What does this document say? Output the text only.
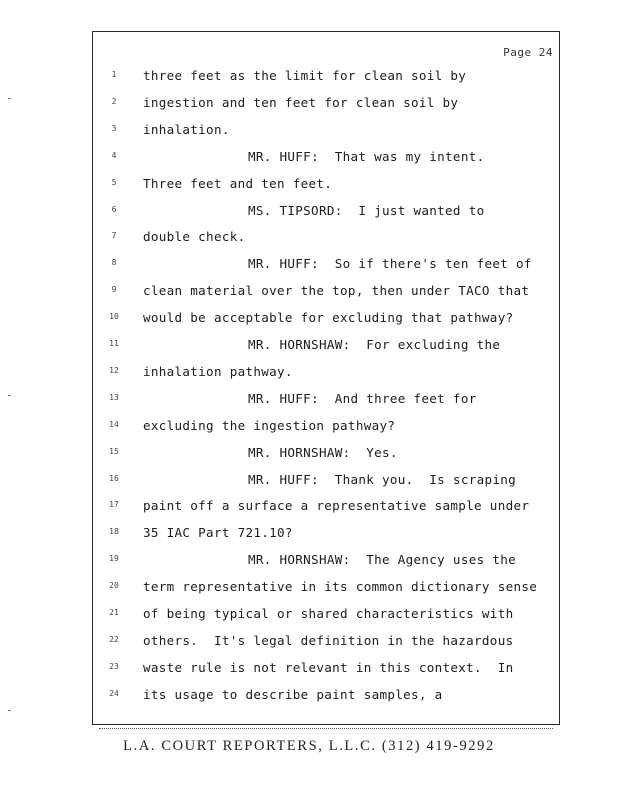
Page 24
1	three feet as the limit for clean soil by
2	ingestion and ten feet for clean soil by
3	inhalation.
4	MR. HUFF:  That was my intent.
5	Three feet and ten feet.
6	MS. TIPSORD:  I just wanted to
7	double check.
8	MR. HUFF:  So if there's ten feet of
9	clean material over the top, then under TACO that
10	would be acceptable for excluding that pathway?
11	MR. HORNSHAW:  For excluding the
12	inhalation pathway.
13	MR. HUFF:  And three feet for
14	excluding the ingestion pathway?
15	MR. HORNSHAW:  Yes.
16	MR. HUFF:  Thank you.  Is scraping
17	paint off a surface a representative sample under
18	35 IAC Part 721.10?
19	MR. HORNSHAW:  The Agency uses the
20	term representative in its common dictionary sense
21	of being typical or shared characteristics with
22	others.  It's legal definition in the hazardous
23	waste rule is not relevant in this context.  In
24	its usage to describe paint samples, a
L.A. COURT REPORTERS, L.L.C. (312) 419-9292
